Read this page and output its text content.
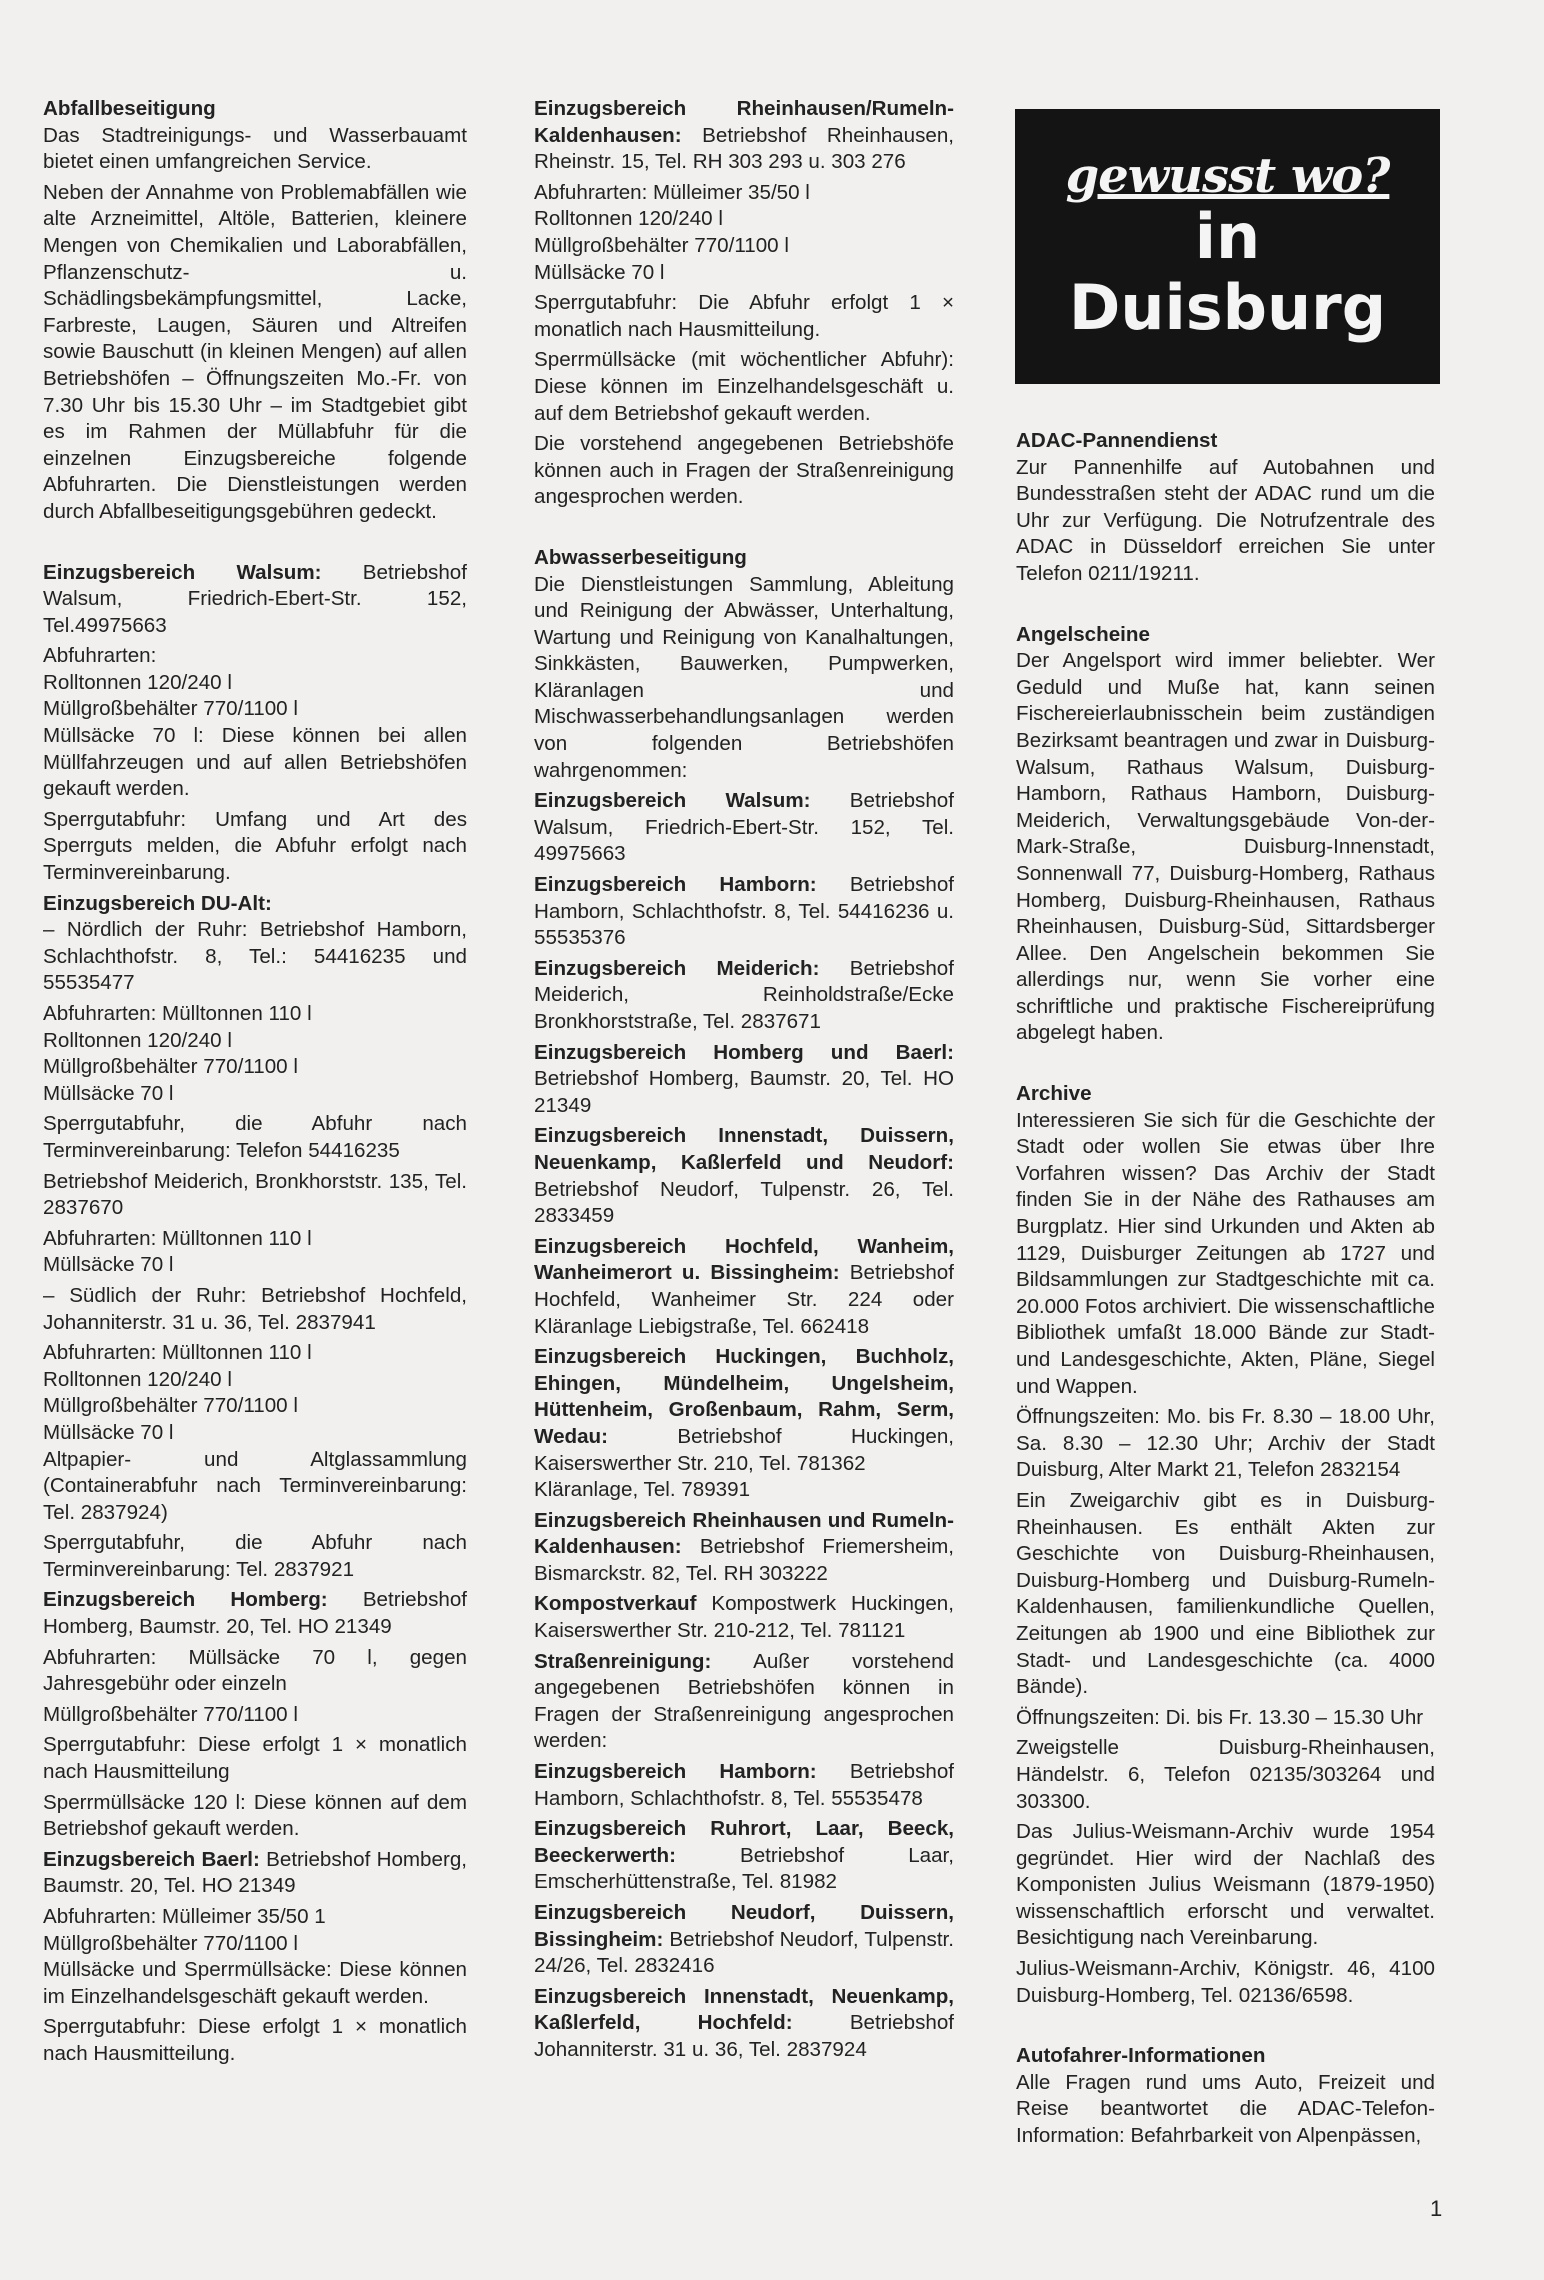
Abfallbeseitigung
Das Stadtreinigungs- und Wasserbauamt bietet einen umfangreichen Service.

Neben der Annahme von Problemabfällen wie alte Arzneimittel, Altöle, Batterien, kleinere Mengen von Chemikalien und Laborabfällen, Pflanzenschutz- u. Schädlingsbekämpfungsmittel, Lacke, Farbreste, Laugen, Säuren und Altreifen sowie Bauschutt (in kleinen Mengen) auf allen Betriebshöfen – Öffnungszeiten Mo.-Fr. von 7.30 Uhr bis 15.30 Uhr – im Stadtgebiet gibt es im Rahmen der Müllabfuhr für die einzelnen Einzugsbereiche folgende Abfuhrarten. Die Dienstleistungen werden durch Abfallbeseitigungsgebühren gedeckt.

Einzugsbereich Walsum: Betriebshof Walsum, Friedrich-Ebert-Str. 152, Tel.49975663

Abfuhrarten:
Rolltonnen 120/240 l
Müllgroßbehälter 770/1100 l
Müllsäcke 70 l: Diese können bei allen Müllfahrzeugen und auf allen Betriebshöfen gekauft werden.

Sperrgutabfuhr: Umfang und Art des Sperrguts melden, die Abfuhr erfolgt nach Terminvereinbarung.

Einzugsbereich DU-Alt:
– Nördlich der Ruhr: Betriebshof Hamborn, Schlachthofstr. 8, Tel.: 54416235 und 55535477

Abfuhrarten: Mülltonnen 110 l
Rolltonnen 120/240 l
Müllgroßbehälter 770/1100 l
Müllsäcke 70 l

Sperrgutabfuhr, die Abfuhr nach Terminvereinbarung: Telefon 54416235

Betriebshof Meiderich, Bronkhorststr. 135, Tel. 2837670

Abfuhrarten: Mülltonnen 110 l
Müllsäcke 70 l

– Südlich der Ruhr: Betriebshof Hochfeld, Johanniterstr. 31 u. 36, Tel. 2837941

Abfuhrarten: Mülltonnen 110 l
Rolltonnen 120/240 l
Müllgroßbehälter 770/1100 l
Müllsäcke 70 l
Altpapier- und Altglassammlung (Containerabfuhr nach Terminvereinbarung: Tel. 2837924)

Sperrgutabfuhr, die Abfuhr nach Terminvereinbarung: Tel. 2837921

Einzugsbereich Homberg: Betriebshof Homberg, Baumstr. 20, Tel. HO 21349

Abfuhrarten: Müllsäcke 70 l, gegen Jahresgebühr oder einzeln

Müllgroßbehälter 770/1100 l

Sperrgutabfuhr: Diese erfolgt 1 × monatlich nach Hausmitteilung

Sperrmüllsäcke 120 l: Diese können auf dem Betriebshof gekauft werden.

Einzugsbereich Baerl: Betriebshof Homberg, Baumstr. 20, Tel. HO 21349

Abfuhrarten: Mülleimer 35/50 1
Müllgroßbehälter 770/1100 l
Müllsäcke und Sperrmüllsäcke: Diese können im Einzelhandelsgeschäft gekauft werden.

Sperrgutabfuhr: Diese erfolgt 1 × monatlich nach Hausmitteilung.

Einzugsbereich Rheinhausen/Rumeln-Kaldenhausen: Betriebshof Rheinhausen, Rheinstr. 15, Tel. RH 303 293 u. 303 276

Abfuhrarten: Mülleimer 35/50 l
Rolltonnen 120/240 l
Müllgroßbehälter 770/1100 l
Müllsäcke 70 l

Sperrgutabfuhr: Die Abfuhr erfolgt 1 × monatlich nach Hausmitteilung.

Sperrmüllsäcke (mit wöchentlicher Abfuhr): Diese können im Einzelhandelsgeschäft u. auf dem Betriebshof gekauft werden.

Die vorstehend angegebenen Betriebshöfe können auch in Fragen der Straßenreinigung angesprochen werden.

Abwasserbeseitigung
Die Dienstleistungen Sammlung, Ableitung und Reinigung der Abwässer, Unterhaltung, Wartung und Reinigung von Kanalhaltungen, Sinkkästen, Bauwerken, Pumpwerken, Kläranlagen und Mischwasserbehandlungsanlagen werden von folgenden Betriebshöfen wahrgenommen:

Einzugsbereich Walsum: Betriebshof Walsum, Friedrich-Ebert-Str. 152, Tel. 49975663

Einzugsbereich Hamborn: Betriebshof Hamborn, Schlachthofstr. 8, Tel. 54416236 u. 55535376

Einzugsbereich Meiderich: Betriebshof Meiderich, Reinholdstraße/Ecke Bronkhorststraße, Tel. 2837671

Einzugsbereich Homberg und Baerl: Betriebshof Homberg, Baumstr. 20, Tel. HO 21349

Einzugsbereich Innenstadt, Duissern, Neuenkamp, Kaßlerfeld und Neudorf: Betriebshof Neudorf, Tulpenstr. 26, Tel. 2833459

Einzugsbereich Hochfeld, Wanheim, Wanheimerort u. Bissingheim: Betriebshof Hochfeld, Wanheimer Str. 224 oder Kläranlage Liebigstraße, Tel. 662418

Einzugsbereich Huckingen, Buchholz, Ehingen, Mündelheim, Ungelsheim, Hüttenheim, Großenbaum, Rahm, Serm, Wedau: Betriebshof Huckingen, Kaiserswerther Str. 210, Tel. 781362
Kläranlage, Tel. 789391

Einzugsbereich Rheinhausen und Rumeln-Kaldenhausen: Betriebshof Friemersheim, Bismarckstr. 82, Tel. RH 303222

Kompostverkauf Kompostwerk Huckingen, Kaiserswerther Str. 210-212, Tel. 781121

Straßenreinigung: Außer vorstehend angegebenen Betriebshöfen können in Fragen der Straßenreinigung angesprochen werden:

Einzugsbereich Hamborn: Betriebshof Hamborn, Schlachthofstr. 8, Tel. 55535478

Einzugsbereich Ruhrort, Laar, Beeck, Beeckerwerth: Betriebshof Laar, Emscherhüttenstraße, Tel. 81982

Einzugsbereich Neudorf, Duissern, Bissingheim: Betriebshof Neudorf, Tulpenstr. 24/26, Tel. 2832416

Einzugsbereich Innenstadt, Neuenkamp, Kaßlerfeld, Hochfeld: Betriebshof Johanniterstr. 31 u. 36, Tel. 2837924

gewusst wo?
in
Duisburg

ADAC-Pannendienst
Zur Pannenhilfe auf Autobahnen und Bundesstraßen steht der ADAC rund um die Uhr zur Verfügung. Die Notrufzentrale des ADAC in Düsseldorf erreichen Sie unter Telefon 0211/19211.

Angelscheine
Der Angelsport wird immer beliebter. Wer Geduld und Muße hat, kann seinen Fischereierlaubnisschein beim zuständigen Bezirksamt beantragen und zwar in Duisburg-Walsum, Rathaus Walsum, Duisburg-Hamborn, Rathaus Hamborn, Duisburg-Meiderich, Verwaltungsgebäude Von-der-Mark-Straße, Duisburg-Innenstadt, Sonnenwall 77, Duisburg-Homberg, Rathaus Homberg, Duisburg-Rheinhausen, Rathaus Rheinhausen, Duisburg-Süd, Sittardsberger Allee. Den Angelschein bekommen Sie allerdings nur, wenn Sie vorher eine schriftliche und praktische Fischereiprüfung abgelegt haben.

Archive
Interessieren Sie sich für die Geschichte der Stadt oder wollen Sie etwas über Ihre Vorfahren wissen? Das Archiv der Stadt finden Sie in der Nähe des Rathauses am Burgplatz. Hier sind Urkunden und Akten ab 1129, Duisburger Zeitungen ab 1727 und Bildsammlungen zur Stadtgeschichte mit ca. 20.000 Fotos archiviert. Die wissenschaftliche Bibliothek umfaßt 18.000 Bände zur Stadt- und Landesgeschichte, Akten, Pläne, Siegel und Wappen.

Öffnungszeiten: Mo. bis Fr. 8.30 – 18.00 Uhr, Sa. 8.30 – 12.30 Uhr; Archiv der Stadt Duisburg, Alter Markt 21, Telefon 2832154

Ein Zweigarchiv gibt es in Duisburg-Rheinhausen. Es enthält Akten zur Geschichte von Duisburg-Rheinhausen, Duisburg-Homberg und Duisburg-Rumeln-Kaldenhausen, familienkundliche Quellen, Zeitungen ab 1900 und eine Bibliothek zur Stadt- und Landesgeschichte (ca. 4000 Bände).

Öffnungszeiten: Di. bis Fr. 13.30 – 15.30 Uhr

Zweigstelle Duisburg-Rheinhausen, Händelstr. 6, Telefon 02135/303264 und 303300.

Das Julius-Weismann-Archiv wurde 1954 gegründet. Hier wird der Nachlaß des Komponisten Julius Weismann (1879-1950) wissenschaftlich erforscht und verwaltet. Besichtigung nach Vereinbarung.

Julius-Weismann-Archiv, Königstr. 46, 4100 Duisburg-Homberg, Tel. 02136/6598.

Autofahrer-Informationen
Alle Fragen rund ums Auto, Freizeit und Reise beantwortet die ADAC-Telefon-Information: Befahrbarkeit von Alpenpässen,

1
